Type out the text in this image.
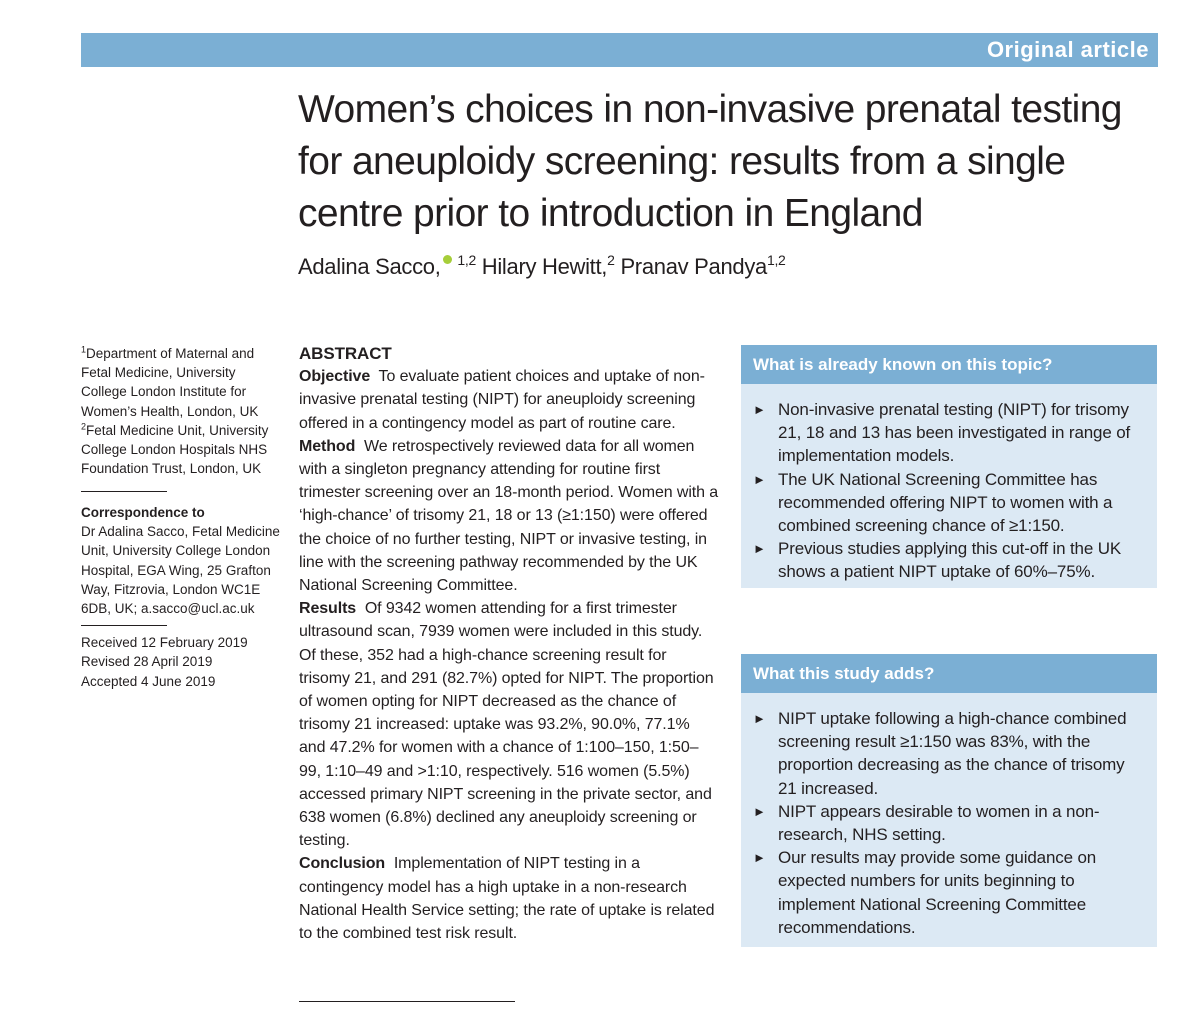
Original article
Women’s choices in non-invasive prenatal testing for aneuploidy screening: results from a single centre prior to introduction in England
Adalina Sacco, $^{1,2}$ Hilary Hewitt,$^2$ Pranav Pandya$^{1,2}$
$^1$Department of Maternal and Fetal Medicine, University College London Institute for Women’s Health, London, UK
$^2$Fetal Medicine Unit, University College London Hospitals NHS Foundation Trust, London, UK
Correspondence to
Dr Adalina Sacco, Fetal Medicine Unit, University College London Hospital, EGA Wing, 25 Grafton Way, Fitzrovia, London WC1E 6DB, UK; a.sacco@ucl.ac.uk
Received 12 February 2019
Revised 28 April 2019
Accepted 4 June 2019
ABSTRACT

Objective To evaluate patient choices and uptake of non-invasive prenatal testing (NIPT) for aneuploidy screening offered in a contingency model as part of routine care.

Method We retrospectively reviewed data for all women with a singleton pregnancy attending for routine first trimester screening over an 18-month period. Women with a ‘high-chance’ of trisomy 21, 18 or 13 (≥1:150) were offered the choice of no further testing, NIPT or invasive testing, in line with the screening pathway recommended by the UK National Screening Committee.

Results Of 9342 women attending for a first trimester ultrasound scan, 7939 women were included in this study. Of these, 352 had a high-chance screening result for trisomy 21, and 291 (82.7%) opted for NIPT. The proportion of women opting for NIPT decreased as the chance of trisomy 21 increased: uptake was 93.2%, 90.0%, 77.1% and 47.2% for women with a chance of 1:100–150, 1:50–99, 1:10–49 and >1:10, respectively. 516 women (5.5%) accessed primary NIPT screening in the private sector, and 638 women (6.8%) declined any aneuploidy screening or testing.

Conclusion Implementation of NIPT testing in a contingency model has a high uptake in a non-research National Health Service setting; the rate of uptake is related to the combined test risk result.

What is already known on this topic?
► Non-invasive prenatal testing (NIPT) for trisomy 21, 18 and 13 has been investigated in range of implementation models.
► The UK National Screening Committee has recommended offering NIPT to women with a combined screening chance of ≥1:150.
► Previous studies applying this cut-off in the UK shows a patient NIPT uptake of 60%–75%.
What this study adds?
► NIPT uptake following a high-chance combined screening result ≥1:150 was 83%, with the proportion decreasing as the chance of trisomy 21 increased.
► NIPT appears desirable to women in a non-research, NHS setting.
► Our results may provide some guidance on expected numbers for units beginning to implement National Screening Committee recommendations.
